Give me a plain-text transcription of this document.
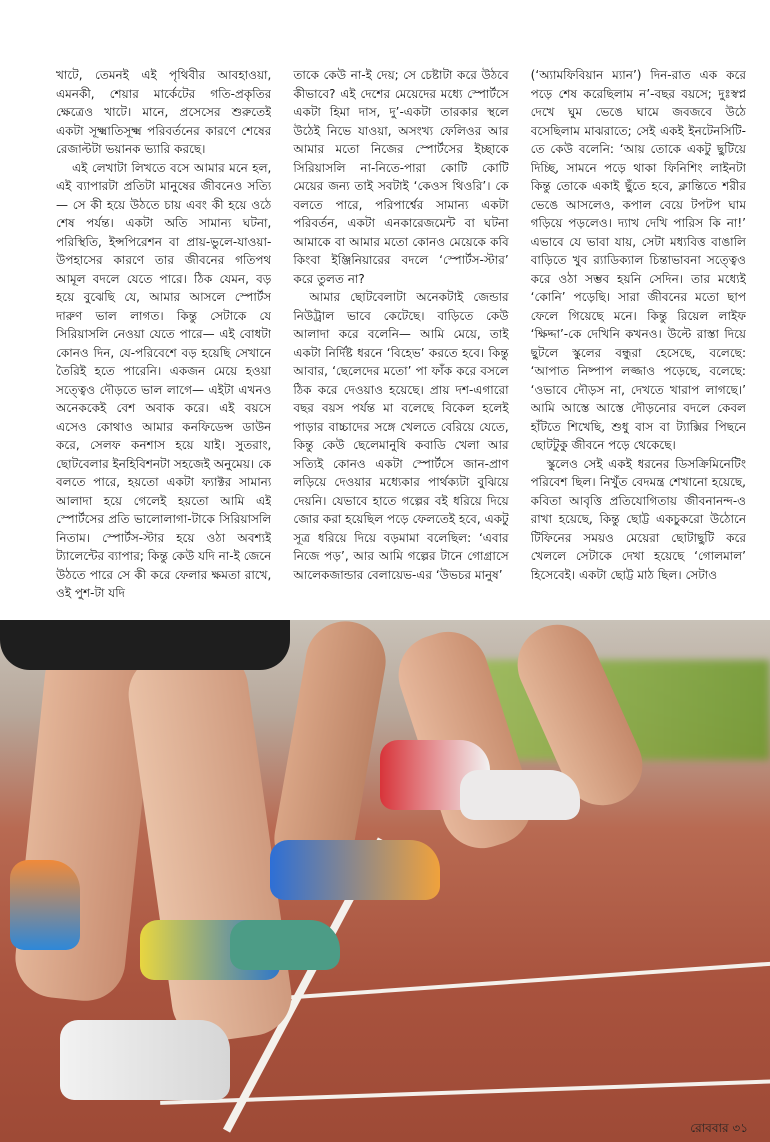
খাটে, তেমনই এই পৃথিবীর আবহাওয়া, এমনকী, শেয়ার মার্কেটের গতি-প্রকৃতির ক্ষেত্রেও খাটে। মানে, প্রসেসের শুরুতেই একটা সূক্ষ্মাতিসূক্ষ্ম পরিবর্তনের কারণে শেষের রেজাল্টটা ভয়ানক ভ্যারি করছে।

এই লেখাটা লিখতে বসে আমার মনে হল, এই ব্যাপারটা প্রতিটা মানুষের জীবনেও সত্যি— সে কী হয়ে উঠতে চায় এবং কী হয়ে ওঠে শেষ পর্যন্ত। একটা অতি সামান্য ঘটনা, পরিস্থিতি, ইন্সপিরেশন বা প্রায়-ভুলে-যাওয়া-উপহাসের কারণে তার জীবনের গতিপথ আমূল বদলে যেতে পারে। ঠিক যেমন, বড় হয়ে বুঝেছি যে, আমার আসলে স্পোর্টস দারুণ ভাল লাগত। কিন্তু সেটাকে যে সিরিয়াসলি নেওয়া যেতে পারে— এই বোধটা কোনও দিন, যে-পরিবেশে বড় হয়েছি সেখানে তৈরিই হতে পারেনি। একজন মেয়ে হওয়া সত্ত্বেও দৌড়তে ভাল লাগে— এইটা এখনও অনেককেই বেশ অবাক করে। এই বয়সে এসেও কোথাও আমার কনফিডেন্স ডাউন করে, সেলফ কনশাস হয়ে যাই। সুতরাং, ছোটবেলার ইনহিবিশনটা সহজেই অনুমেয়। কে বলতে পারে, হয়তো একটা ফ্যাক্টর সামান্য আলাদা হয়ে গেলেই হয়তো আমি এই স্পোর্টসের প্রতি ভালোলাগা-টাকে সিরিয়াসলি নিতাম। স্পোর্টস-স্টার হয়ে ওঠা অবশ্যই ট্যালেন্টের ব্যাপার; কিন্তু কেউ যদি না-ই জেনে উঠতে পারে সে কী করে ফেলার ক্ষমতা রাখে, ওই পুশ-টা যদি

তাকে কেউ না-ই দেয়; সে চেষ্টাটা করে উঠবে কীভাবে? এই দেশের মেয়েদের মধ্যে স্পোর্টসে একটা হিমা দাস, দু’-একটা তারকার স্থলে উঠেই নিভে যাওয়া, অসংখ্য ফেলিওর আর আমার মতো নিজের স্পোর্টসের ইচ্ছাকে সিরিয়াসলি না-নিতে-পারা কোটি কোটি মেয়ের জন্য তাই সবটাই ‘কেওস থিওরি’। কে বলতে পারে, পরিপার্শ্বের সামান্য একটা পরিবর্তন, একটা এনকারেজমেন্ট বা ঘটনা আমাকে বা আমার মতো কোনও মেয়েকে কবি কিংবা ইঞ্জিনিয়ারের বদলে ‘স্পোর্টস-স্টার’ করে তুলত না?

আমার ছোটবেলাটা অনেকটাই জেন্ডার নিউট্রাল ভাবে কেটেছে। বাড়িতে কেউ আলাদা করে বলেনি— আমি মেয়ে, তাই একটা নির্দিষ্ট ধরনে ‘বিহেভ’ করতে হবে। কিন্তু আবার, ‘ছেলেদের মতো’ পা ফাঁক করে বসলে ঠিক করে দেওয়াও হয়েছে। প্রায় দশ-এগারো বছর বয়স পর্যন্ত মা বলেছে বিকেল হলেই পাড়ার বাচ্চাদের সঙ্গে খেলতে বেরিয়ে যেতে, কিন্তু কেউ ছেলেমানুষি কবাডি খেলা আর সত্যিই কোনও একটা স্পোর্টসে জান-প্রাণ লড়িয়ে দেওয়ার মধ্যেকার পার্থক্যটা বুঝিয়ে দেয়নি। যেভাবে হাতে গল্পের বই ধরিয়ে দিয়ে জোর করা হয়েছিল পড়ে ফেলতেই হবে, একটু সূত্র ধরিয়ে দিয়ে বড়মামা বলেছিল: ‘এবার নিজে পড়’, আর আমি গল্পের টানে গোগ্রাসে আলেকজান্ডার বেলায়েভ-এর ‘উভচর মানুষ’

(‘অ্যামফিবিয়ান ম্যান’) দিন-রাত এক করে পড়ে শেষ করেছিলাম ন’-বছর বয়সে; দুঃস্বপ্ন দেখে ঘুম ভেঙে ঘামে জবজবে উঠে বসেছিলাম মাঝরাতে; সেই একই ইনটেনসিটি-তে কেউ বলেনি: ‘আয় তোকে একটু ছুটিয়ে দিচ্ছি, সামনে পড়ে থাকা ফিনিশিং লাইনটা কিন্তু তোকে একাই ছুঁতে হবে, ক্লান্তিতে শরীর ভেঙে আসলেও, কপাল বেয়ে টপটপ ঘাম গড়িয়ে পড়লেও। দ্যাখ দেখি পারিস কি না!’ এভাবে যে ভাবা যায়, সেটা মধ্যবিত্ত বাঙালি বাড়িতে খুব র‍্যাডিক্যাল চিন্তাভাবনা সত্ত্বেও করে ওঠা সম্ভব হয়নি সেদিন। তার মধ্যেই ‘কোনি’ পড়েছি। সারা জীবনের মতো ছাপ ফেলে গিয়েছে মনে। কিন্তু রিয়েল লাইফ ‘ক্ষিদ্দা’-কে দেখিনি কখনও। উল্টে রাস্তা দিয়ে ছুটলে স্কুলের বন্ধুরা হেসেছে, বলেছে: ‘আপাত নিষ্পাপ লজ্জাও পড়েছে, বলেছে: ‘ওভাবে দৌড়স না, দেখতে খারাপ লাগছে।’ আমি আস্তে আস্তে দৌড়নোর বদলে কেবল হাঁটতে শিখেছি, শুধু বাস বা ট্যাক্সির পিছনে ছোটটুকু জীবনে পড়ে থেকেছে।

স্কুলেও সেই একই ধরনের ডিসক্রিমিনেটিং পরিবেশ ছিল। নিখুঁত বেদমন্ত্র শেখানো হয়েছে, কবিতা আবৃত্তি প্রতিযোগিতায় জীবনানন্দ-ও রাখা হয়েছে, কিন্তু ছোট্ট একচুকরো উঠোনে টিফিনের সময়ও মেয়েরা ছোটাছুটি করে খেললে সেটাকে দেখা হয়েছে ‘গোলমাল’ হিসেবেই। একটা ছোট্ট মাঠ ছিল। সেটাও

রোববার ৩১
